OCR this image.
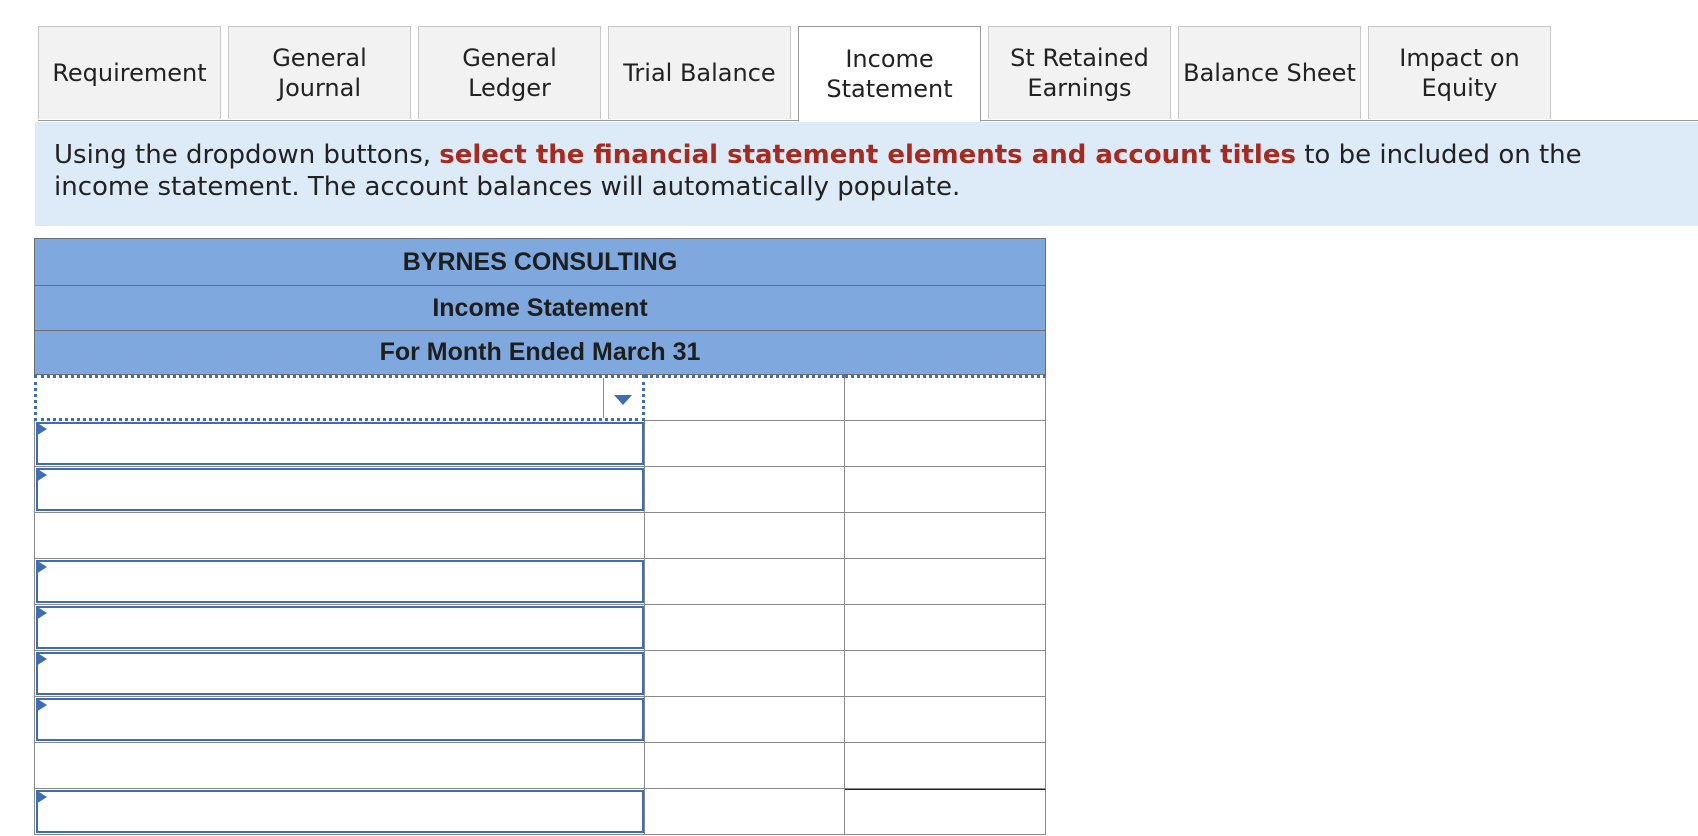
Requirement
General
Journal
General
Ledger
Trial Balance	Income
Statement
St Retained
Earnings
Balance Sheet
Impact on
Equity
Using the dropdown buttons, select the financial statement elements and account titles to be included on the income statement. The account balances will automatically populate.
BYRNES CONSULTING
Income Statement
For Month Ended March 31
